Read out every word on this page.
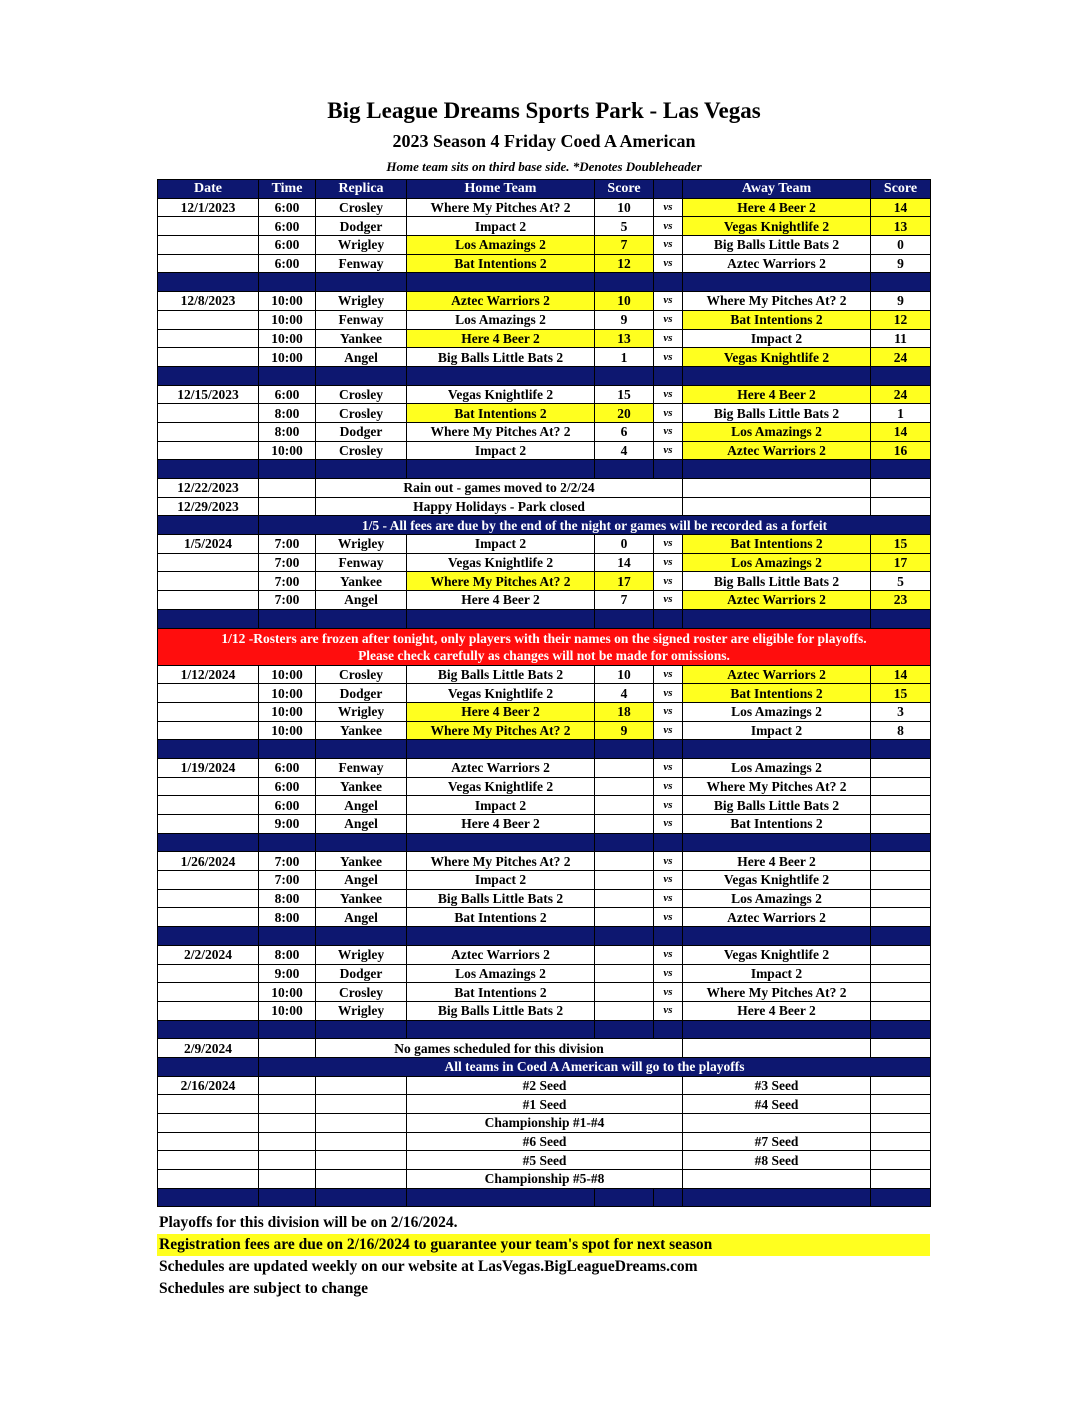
Big League Dreams Sports Park - Las Vegas
2023 Season 4 Friday Coed A American
Home team sits on third base side. *Denotes Doubleheader
Date	Time	Replica	Home Team	Score		Away Team	Score
12/1/2023	6:00	Crosley	Where My Pitches At? 2	10	vs	Here 4 Beer 2	14
	6:00	Dodger	Impact 2	5	vs	Vegas Knightlife 2	13
	6:00	Wrigley	Los Amazings 2	7	vs	Big Balls Little Bats 2	0
	6:00	Fenway	Bat Intentions 2	12	vs	Aztec Warriors 2	9

12/8/2023	10:00	Wrigley	Aztec Warriors 2	10	vs	Where My Pitches At? 2	9
	10:00	Fenway	Los Amazings 2	9	vs	Bat Intentions 2	12
	10:00	Yankee	Here 4 Beer 2	13	vs	Impact 2	11
	10:00	Angel	Big Balls Little Bats 2	1	vs	Vegas Knightlife 2	24

12/15/2023	6:00	Crosley	Vegas Knightlife 2	15	vs	Here 4 Beer 2	24
	8:00	Crosley	Bat Intentions 2	20	vs	Big Balls Little Bats 2	1
	8:00	Dodger	Where My Pitches At? 2	6	vs	Los Amazings 2	14
	10:00	Crosley	Impact 2	4	vs	Aztec Warriors 2	16

12/22/2023		Rain out - games moved to 2/2/24					
12/29/2023		Happy Holidays - Park closed					
	1/5 - All fees are due by the end of the night or games will be recorded as a forfeit						
1/5/2024	7:00	Wrigley	Impact 2	0	vs	Bat Intentions 2	15
	7:00	Fenway	Vegas Knightlife 2	14	vs	Los Amazings 2	17
	7:00	Yankee	Where My Pitches At? 2	17	vs	Big Balls Little Bats 2	5
	7:00	Angel	Here 4 Beer 2	7	vs	Aztec Warriors 2	23

1/12 -Rosters are frozen after tonight, only players with their names on the signed roster are eligible for playoffs.
Please check carefully as changes will not be made for omissions.							

1/12/2024	10:00	Crosley	Big Balls Little Bats 2	10	vs	Aztec Warriors 2	14
	10:00	Dodger	Vegas Knightlife 2	4	vs	Bat Intentions 2	15
	10:00	Wrigley	Here 4 Beer 2	18	vs	Los Amazings 2	3
	10:00	Yankee	Where My Pitches At? 2	9	vs	Impact 2	8

1/19/2024	6:00	Fenway	Aztec Warriors 2		vs	Los Amazings 2	
	6:00	Yankee	Vegas Knightlife 2		vs	Where My Pitches At? 2	
	6:00	Angel	Impact 2		vs	Big Balls Little Bats 2	
	9:00	Angel	Here 4 Beer 2		vs	Bat Intentions 2	

1/26/2024	7:00	Yankee	Where My Pitches At? 2		vs	Here 4 Beer 2	
	7:00	Angel	Impact 2		vs	Vegas Knightlife 2	
	8:00	Yankee	Big Balls Little Bats 2		vs	Los Amazings 2	
	8:00	Angel	Bat Intentions 2		vs	Aztec Warriors 2	

2/2/2024	8:00	Wrigley	Aztec Warriors 2		vs	Vegas Knightlife 2	
	9:00	Dodger	Los Amazings 2		vs	Impact 2	
	10:00	Crosley	Bat Intentions 2		vs	Where My Pitches At? 2	
	10:00	Wrigley	Big Balls Little Bats 2		vs	Here 4 Beer 2	

2/9/2024		No games scheduled for this division					
	All teams in Coed A American will go to the playoffs						
2/16/2024			#2 Seed			#3 Seed	
			#1 Seed			#4 Seed	
			Championship #1-#4				
			#6 Seed			#7 Seed	
			#5 Seed			#8 Seed	
			Championship #5-#8				

Playoffs for this division will be on 2/16/2024.
Registration fees are due on 2/16/2024 to guarantee your team's spot for next season
Schedules are updated weekly on our website at LasVegas.BigLeagueDreams.com
Schedules are subject to change
